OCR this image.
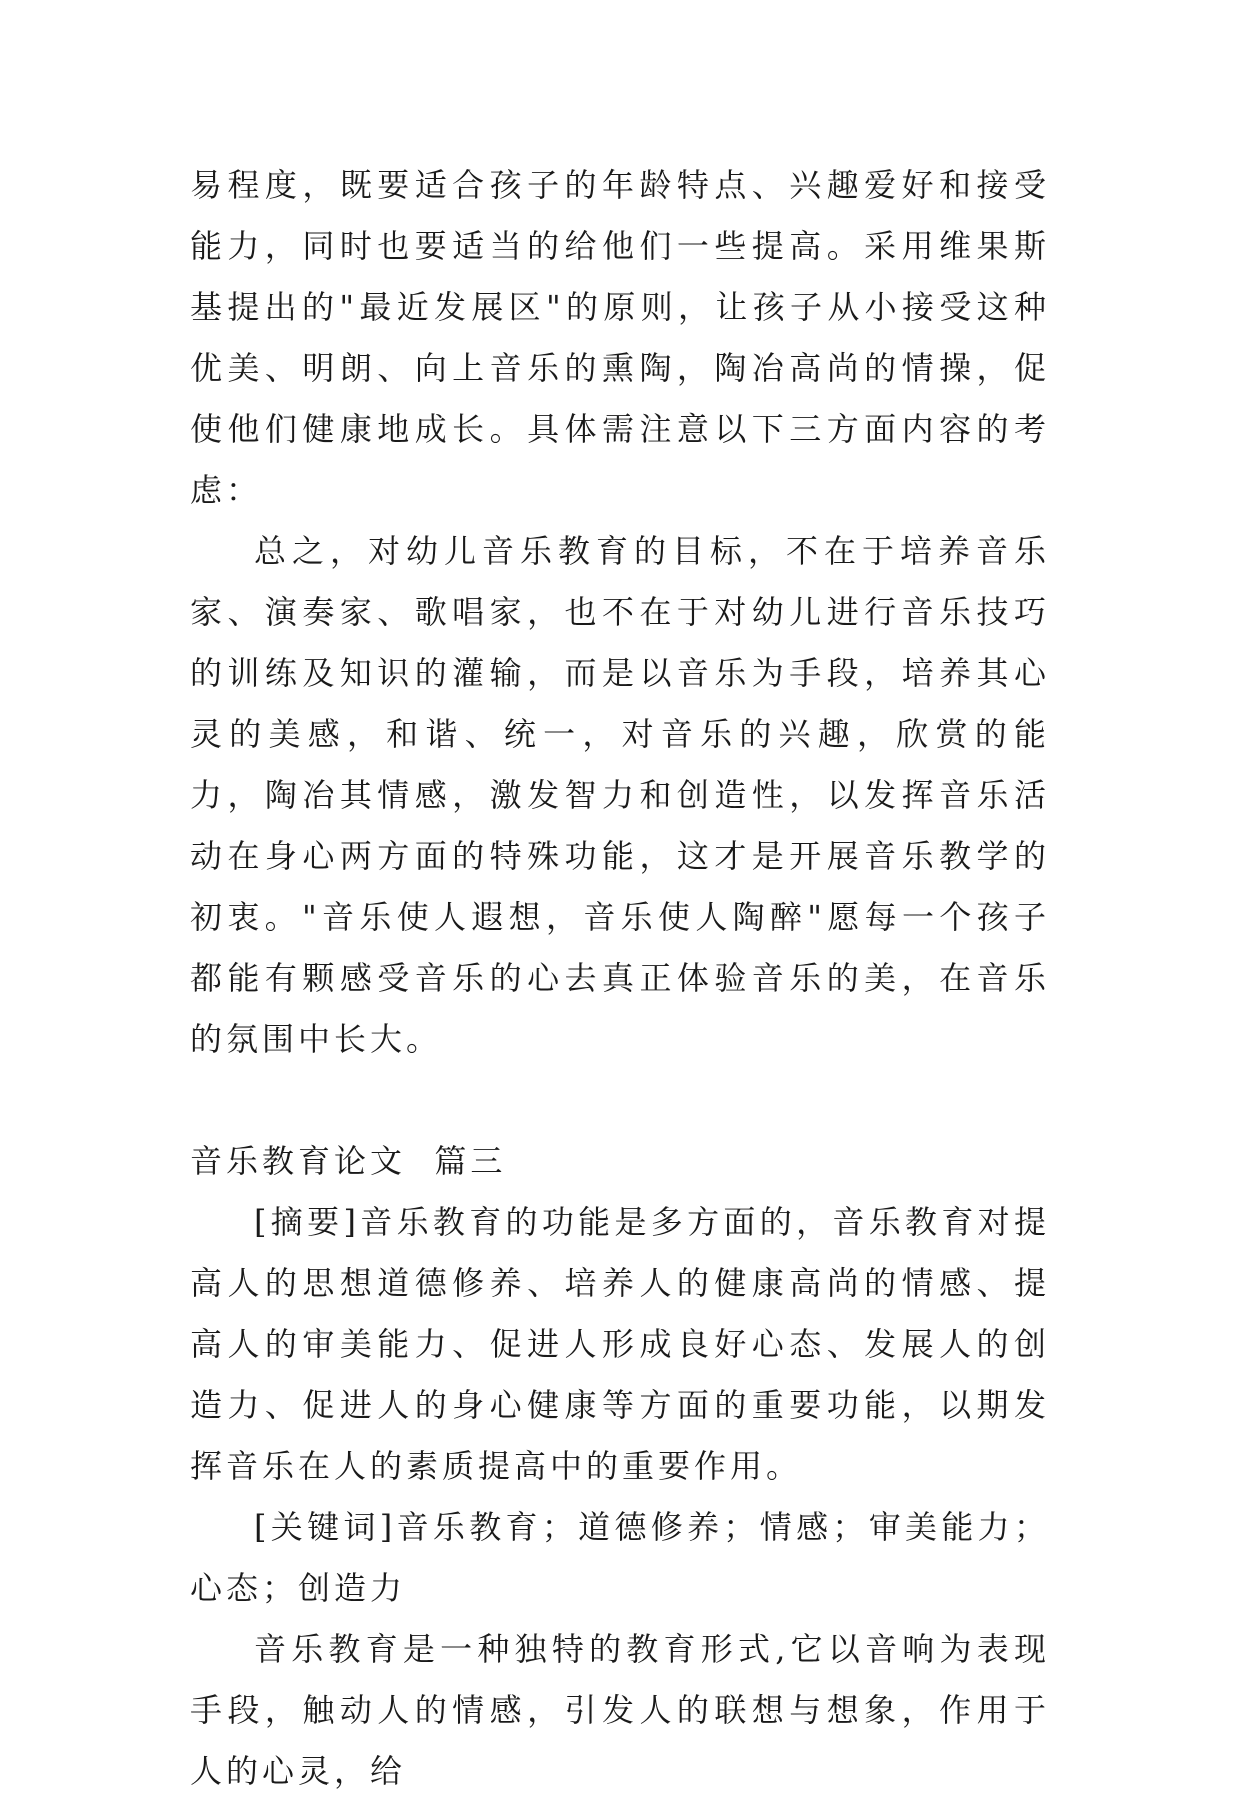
易程度，既要适合孩子的年龄特点、兴趣爱好和接受能力，同时也要适当的给他们一些提高。采用维果斯基提出的"最近发展区"的原则，让孩子从小接受这种优美、明朗、向上音乐的熏陶，陶冶高尚的情操，促使他们健康地成长。具体需注意以下三方面内容的考虑：

总之，对幼儿音乐教育的目标，不在于培养音乐家、演奏家、歌唱家，也不在于对幼儿进行音乐技巧的训练及知识的灌输，而是以音乐为手段，培养其心灵的美感，和谐、统一，对音乐的兴趣，欣赏的能力，陶冶其情感，激发智力和创造性，以发挥音乐活动在身心两方面的特殊功能，这才是开展音乐教学的初衷。"音乐使人遐想，音乐使人陶醉"愿每一个孩子都能有颗感受音乐的心去真正体验音乐的美，在音乐的氛围中长大。

音乐教育论文  篇三

[摘要]音乐教育的功能是多方面的，音乐教育对提高人的思想道德修养、培养人的健康高尚的情感、提高人的审美能力、促进人形成良好心态、发展人的创造力、促进人的身心健康等方面的重要功能，以期发挥音乐在人的素质提高中的重要作用。

[关键词]音乐教育；道德修养；情感；审美能力；心态；创造力

音乐教育是一种独特的教育形式,它以音响为表现手段，触动人的情感，引发人的联想与想象，作用于人的心灵，给
